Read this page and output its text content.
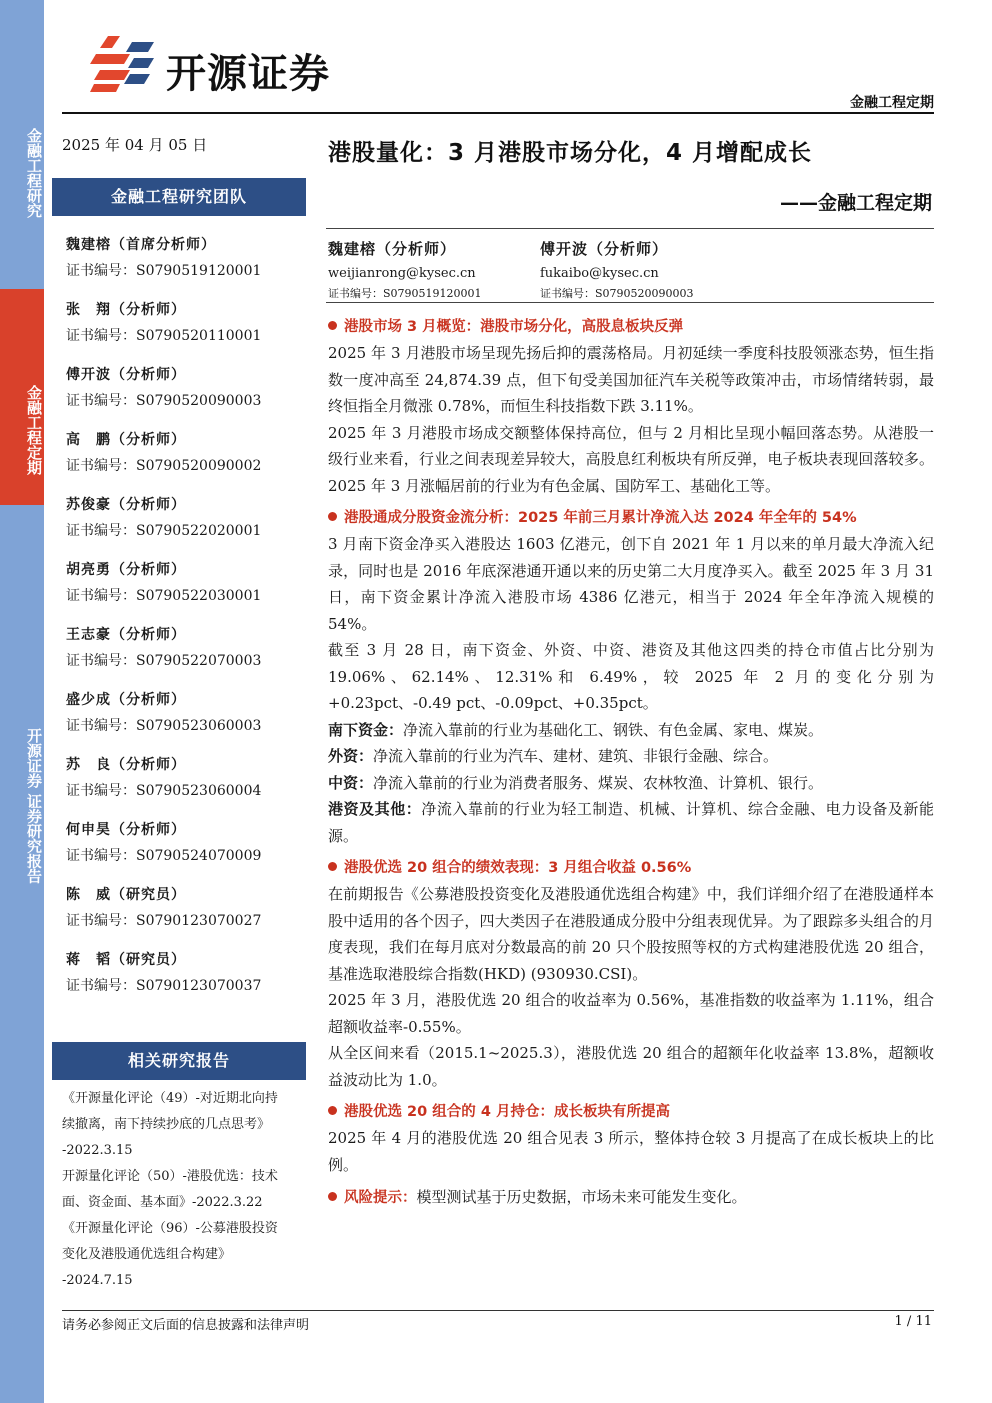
金融工程研究
金融工程定期
开源证券 证券研究报告
开源证券
金融工程定期
2025 年 04 月 05 日
金融工程研究团队
魏建榕（首席分析师）
证书编号：S0790519120001
张　翔（分析师）
证书编号：S0790520110001
傅开波（分析师）
证书编号：S0790520090003
高　鹏（分析师）
证书编号：S0790520090002
苏俊豪（分析师）
证书编号：S0790522020001
胡亮勇（分析师）
证书编号：S0790522030001
王志豪（分析师）
证书编号：S0790522070003
盛少成（分析师）
证书编号：S0790523060003
苏　良（分析师）
证书编号：S0790523060004
何申昊（分析师）
证书编号：S0790524070009
陈　威（研究员）
证书编号：S0790123070027
蒋　韬（研究员）
证书编号：S0790123070037
相关研究报告
《开源量化评论（49）-对近期北向持
续撤离，南下持续抄底的几点思考》
-2022.3.15
开源量化评论（50）-港股优选：技术
面、资金面、基本面》-2022.3.22
《开源量化评论（96）-公募港股投资
变化及港股通优选组合构建》
-2024.7.15
港股量化：3 月港股市场分化，4 月增配成长
——金融工程定期
魏建榕（分析师）
weijianrong@kysec.cn
证书编号：S0790519120001
傅开波（分析师）
fukaibo@kysec.cn
证书编号：S0790520090003
港股市场 3 月概览：港股市场分化，高股息板块反弹

2025 年 3 月港股市场呈现先扬后抑的震荡格局。月初延续一季度科技股领涨态势，恒生指数一度冲高至 24,874.39 点，但下旬受美国加征汽车关税等政策冲击，市场情绪转弱，最终恒指全月微涨 0.78%，而恒生科技指数下跌 3.11%。

2025 年 3 月港股市场成交额整体保持高位，但与 2 月相比呈现小幅回落态势。从港股一级行业来看，行业之间表现差异较大，高股息红利板块有所反弹，电子板块表现回落较多。2025 年 3 月涨幅居前的行业为有色金属、国防军工、基础化工等。

港股通成分股资金流分析：2025 年前三月累计净流入达 2024 年全年的 54%

3 月南下资金净买入港股达 1603 亿港元，创下自 2021 年 1 月以来的单月最大净流入纪录，同时也是 2016 年底深港通开通以来的历史第二大月度净买入。截至 2025 年 3 月 31 日，南下资金累计净流入港股市场 4386 亿港元，相当于 2024 年全年净流入规模的 54%。

截至 3 月 28 日，南下资金、外资、中资、港资及其他这四类的持仓市值占比分别为 19.06%、62.14%、12.31%和 6.49%，较 2025 年 2 月的变化分别为+0.23pct、-0.49 pct、-0.09pct、+0.35pct。

南下资金：净流入靠前的行业为基础化工、钢铁、有色金属、家电、煤炭。

外资：净流入靠前的行业为汽车、建材、建筑、非银行金融、综合。

中资：净流入靠前的行业为消费者服务、煤炭、农林牧渔、计算机、银行。

港资及其他：净流入靠前的行业为轻工制造、机械、计算机、综合金融、电力设备及新能源。

港股优选 20 组合的绩效表现：3 月组合收益 0.56%

在前期报告《公募港股投资变化及港股通优选组合构建》中，我们详细介绍了在港股通样本股中适用的各个因子，四大类因子在港股通成分股中分组表现优异。为了跟踪多头组合的月度表现，我们在每月底对分数最高的前 20 只个股按照等权的方式构建港股优选 20 组合，基准选取港股综合指数(HKD) (930930.CSI)。

2025 年 3 月，港股优选 20 组合的收益率为 0.56%，基准指数的收益率为 1.11%，组合超额收益率-0.55%。

从全区间来看（2015.1~2025.3），港股优选 20 组合的超额年化收益率 13.8%，超额收益波动比为 1.0。

港股优选 20 组合的 4 月持仓：成长板块有所提高

2025 年 4 月的港股优选 20 组合见表 3 所示，整体持仓较 3 月提高了在成长板块上的比例。

风险提示：模型测试基于历史数据，市场未来可能发生变化。

请务必参阅正文后面的信息披露和法律声明	1 / 11
